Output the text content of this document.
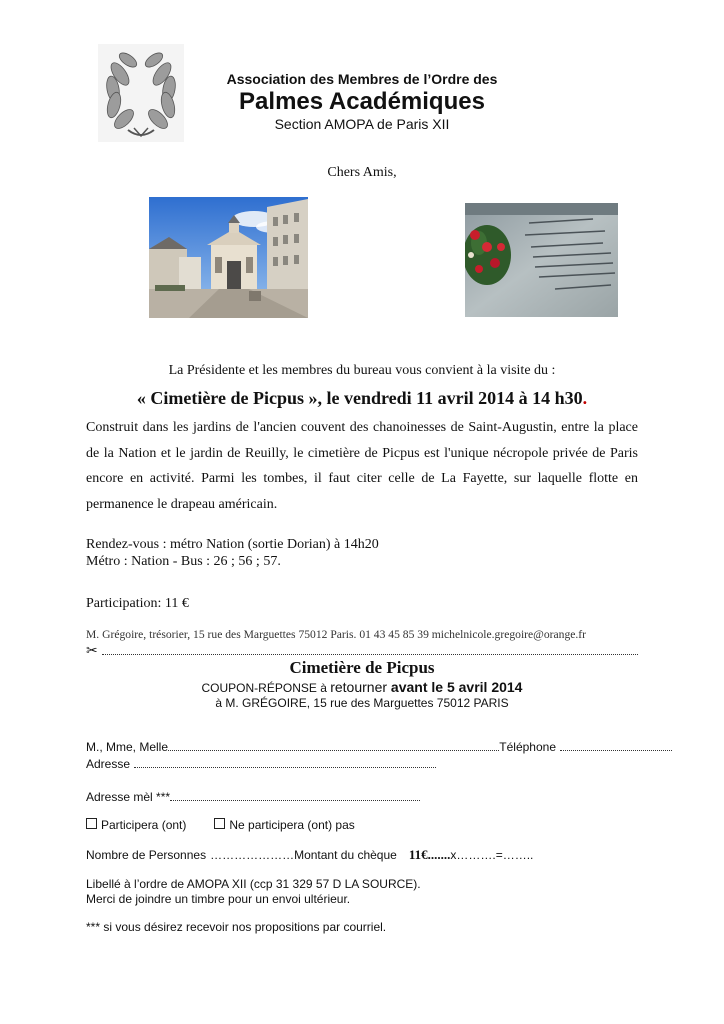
Association des Membres de l’Ordre des
Palmes Académiques
Section AMOPA de Paris XII
Chers Amis,
La Présidente et les membres du bureau vous convient à la visite du :
« Cimetière de Picpus », le vendredi 11 avril 2014 à 14 h30.
Construit dans les jardins de l'ancien couvent des chanoinesses de Saint-Augustin, entre la place de la Nation et le jardin de Reuilly, le cimetière de Picpus est l'unique nécropole privée de Paris encore en activité. Parmi les tombes, il faut citer celle de La Fayette, sur laquelle flotte en permanence le drapeau américain.
Rendez-vous : métro Nation (sortie Dorian) à 14h20
Métro : Nation - Bus : 26 ; 56 ; 57.
Participation: 11 €
M. Grégoire, trésorier, 15 rue des Marguettes 75012 Paris. 01 43 45 85 39 michelnicole.gregoire@orange.fr
✂
Cimetière de Picpus
COUPON-RÉPONSE à retourner avant le 5 avril 2014
à M. GRÉGOIRE, 15 rue des Marguettes 75012 PARIS
M., Mme, Melle	Téléphone
Adresse
Adresse mèl ***
Participera (ont)	Ne participera (ont) pas
Nombre de Personnes ………………… Montant du chèque 11€....... x……….=……..
Libellé à l’ordre de AMOPA XII (ccp 31 329 57 D LA SOURCE).
Merci de joindre un timbre pour un envoi ultérieur.
*** si vous désirez recevoir nos propositions par courriel.
